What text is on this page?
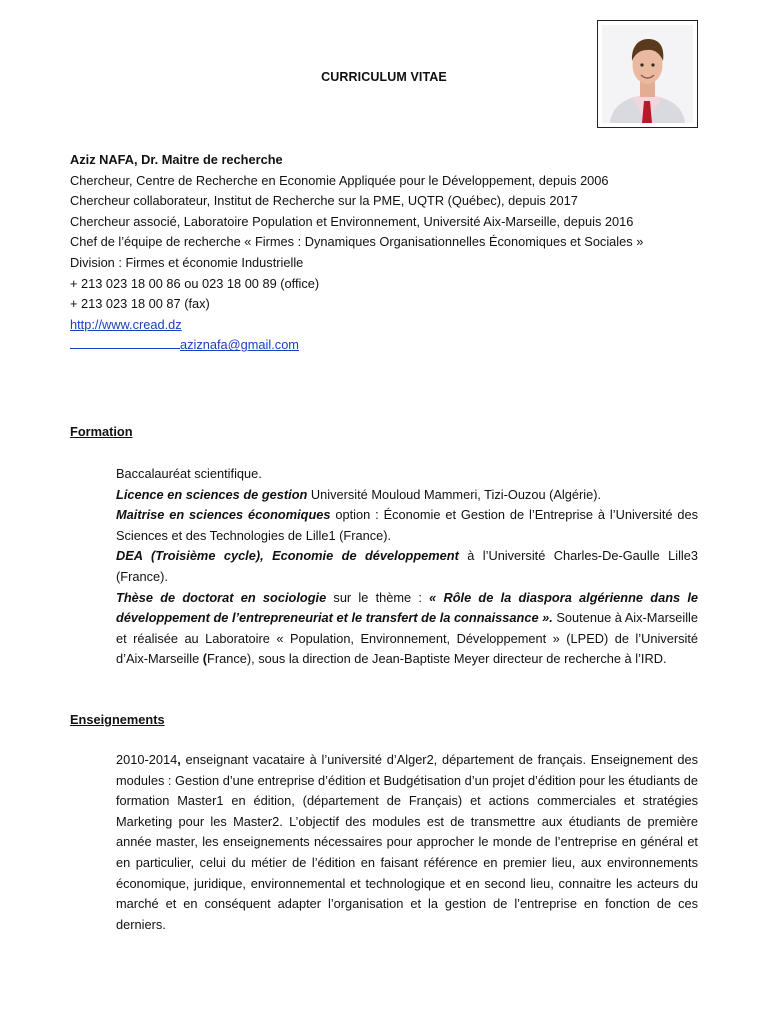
CURRICULUM VITAE
Aziz NAFA, Dr. Maitre de recherche
Chercheur, Centre de Recherche en Economie Appliquée pour le Développement, depuis 2006
Chercheur collaborateur, Institut de Recherche sur la PME, UQTR (Québec), depuis 2017
Chercheur associé, Laboratoire Population et Environnement, Université Aix-Marseille, depuis 2016
Chef de l’équipe de recherche « Firmes : Dynamiques Organisationnelles Économiques et Sociales »
Division : Firmes et économie Industrielle
+ 213 023 18 00 86 ou 023 18 00 89 (office)
+ 213 023 18 00 87 (fax)
http://www.cread.dz
aziznafa@gmail.com
Formation

Baccalauréat scientifique.

Licence en sciences de gestion Université Mouloud Mammeri, Tizi-Ouzou (Algérie).

Maitrise en sciences économiques option : Économie et Gestion de l’Entreprise à l’Université des Sciences et des Technologies de Lille1 (France).

DEA (Troisième cycle), Economie de développement à l’Université Charles-De-Gaulle Lille3 (France).

Thèse de doctorat en sociologie sur le thème : « Rôle de la diaspora algérienne dans le développement de l’entrepreneuriat et le transfert de la connaissance ». Soutenue à Aix-Marseille et réalisée au Laboratoire « Population, Environnement, Développement » (LPED) de l’Université d’Aix-Marseille (France), sous la direction de Jean-Baptiste Meyer directeur de recherche à l’IRD.

Enseignements

2010-2014, enseignant vacataire à l’université d’Alger2, département de français. Enseignement des modules : Gestion d’une entreprise d’édition et Budgétisation d’un projet d’édition pour les étudiants de formation Master1 en édition, (département de Français) et actions commerciales et stratégies Marketing pour les Master2. L’objectif des modules est de transmettre aux étudiants de première année master, les enseignements nécessaires pour approcher le monde de l’entreprise en général et en particulier, celui du métier de l’édition en faisant référence en premier lieu, aux environnements économique, juridique, environnemental et technologique et en second lieu, connaitre les acteurs du marché et en conséquent adapter l’organisation et la gestion de l’entreprise en fonction de ces derniers.
